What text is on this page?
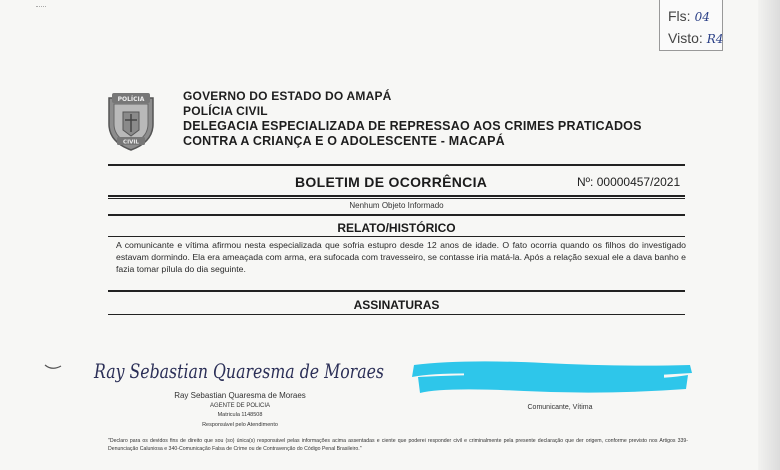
Fls: 04
Visto: R4
POLÍCIA
CIVIL
GOVERNO DO ESTADO DO AMAPÁ
POLÍCIA CIVIL
DELEGACIA ESPECIALIZADA DE REPRESSAO AOS CRIMES PRATICADOS
CONTRA A CRIANÇA E O ADOLESCENTE - MACAPÁ
BOLETIM DE OCORRÊNCIA	Nº: 00000457/2021
Nenhum Objeto Informado
RELATO/HISTÓRICO
A comunicante e vítima afirmou nesta especializada que sofria estupro desde 12 anos de idade. O fato ocorria quando os filhos do investigado estavam dormindo. Ela era ameaçada com arma, era sufocada com travesseiro, se contasse iria matá-la. Após a relação sexual ele a dava banho e fazia tomar pílula do dia seguinte.
ASSINATURAS
Ray Sebastian Quaresma de Moraes
Ray Sebastian Quaresma de Moraes
AGENTE DE POLICIA
Matricula 1148508
Responsável pelo Atendimento
Comunicante, Vítima
"Declaro para os devidos fins de direito que sou (so) única(s) responsável pelas informações acima assentadas e ciente que poderei responder civil e criminalmente pela presente declaração que der origem, conforme previsto nos Artigos 339-Denunciação Caluniosa e 340-Comunicação Falsa de Crime ou de Contravenção do Código Penal Brasileiro."
